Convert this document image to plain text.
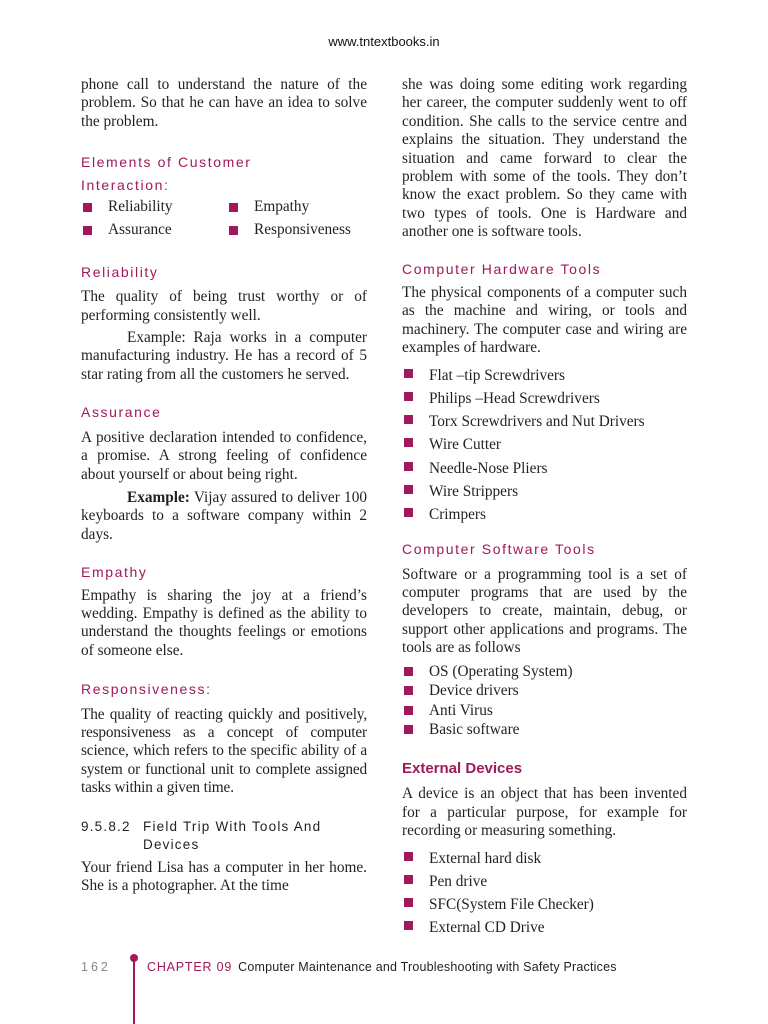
www.tntextbooks.in

phone call to understand the nature of the problem. So that he can have an idea to solve the problem.

Elements of Customer
Interaction:
Reliability	Empathy
Assurance	Responsiveness
Reliability

The quality of being trust worthy or of performing consistently well.

Example: Raja works in a computer manufacturing industry. He has a record of 5 star rating from all the customers he served.

Assurance

A positive declaration intended to confidence, a promise. A strong feeling of confidence about yourself or about being right.

Example: Vijay assured to deliver 100 keyboards to a software company within 2 days.

Empathy

Empathy is sharing the joy at a friend’s wedding. Empathy is defined as the ability to understand the thoughts feelings or emotions of someone else.

Responsiveness:

The quality of reacting quickly and positively, responsiveness as a concept of computer science, which refers to the specific ability of a system or functional unit to complete assigned tasks within a given time.

9.5.8.2 Field Trip With Tools And
Devices

Your friend Lisa has a computer in her home. She is a photographer. At the time

she was doing some editing work regarding her career, the computer suddenly went to off condition. She calls to the service centre and explains the situation. They understand the situation and came forward to clear the problem with some of the tools. They don’t know the exact problem. So they came with two types of tools. One is Hardware and another one is software tools.

Computer Hardware Tools

The physical components of a computer such as the machine and wiring, or tools and machinery. The computer case and wiring are examples of hardware.

Flat –tip Screwdrivers
Philips –Head Screwdrivers
Torx Screwdrivers and Nut Drivers
Wire Cutter
Needle-Nose Pliers
Wire Strippers
Crimpers
Computer Software Tools

Software or a programming tool is a set of computer programs that are used by the developers to create, maintain, debug, or support other applications and programs. The tools are as follows

OS (Operating System)
Device drivers
Anti Virus
Basic software
External Devices

A device is an object that has been invented for a particular purpose, for example for recording or measuring something.

External hard disk
Pen drive
SFC(System File Checker)
External CD Drive
162	CHAPTER 09 Computer Maintenance and Troubleshooting with Safety Practices
